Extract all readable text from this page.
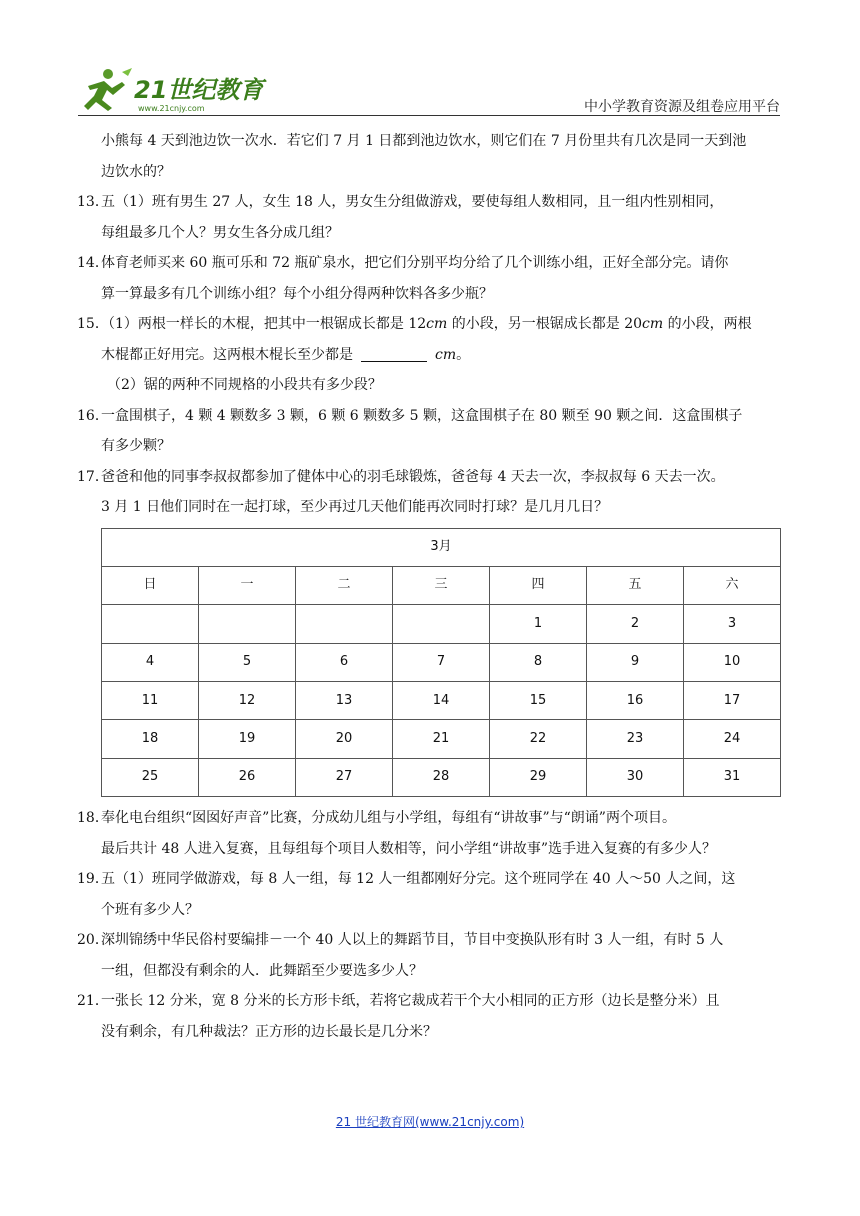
21世纪教育
www.21cnjy.com	中小学教育资源及组卷应用平台

小熊每 4 天到池边饮一次水．若它们 7 月 1 日都到池边饮水，则它们在 7 月份里共有几次是同一天到池

边饮水的？

13．
五（1）班有男生 27 人，女生 18 人，男女生分组做游戏，要使每组人数相同，且一组内性别相同，

每组最多几个人？男女生各分成几组？

14．
体育老师买来 60 瓶可乐和 72 瓶矿泉水，把它们分别平均分给了几个训练小组，正好全部分完。请你

算一算最多有几个训练小组？每个小组分得两种饮料各多少瓶？

15．
（1）两根一样长的木棍，把其中一根锯成长都是 12cm 的小段，另一根锯成长都是 20cm 的小段，两根

木棍都正好用完。这两根木棍长至少都是	cm。

（2）锯的两种不同规格的小段共有多少段？

16．
一盒围棋子，4 颗 4 颗数多 3 颗，6 颗 6 颗数多 5 颗，这盒围棋子在 80 颗至 90 颗之间．这盒围棋子

有多少颗？

17．
爸爸和他的同事李叔叔都参加了健体中心的羽毛球锻炼，爸爸每 4 天去一次，李叔叔每 6 天去一次。

3 月 1 日他们同时在一起打球，至少再过几天他们能再次同时打球？是几月几日？

3月						
日	一	二	三	四	五	六
				1	2	3
4	5	6	7	8	9	10
11	12	13	14	15	16	17
18	19	20	21	22	23	24
25	26	27	28	29	30	31

18．
奉化电台组织“囡囡好声音”比赛，分成幼儿组与小学组，每组有“讲故事”与“朗诵”两个项目。

最后共计 48 人进入复赛，且每组每个项目人数相等，问小学组“讲故事”选手进入复赛的有多少人？

19．
五（1）班同学做游戏，每 8 人一组，每 12 人一组都刚好分完。这个班同学在 40 人～50 人之间，这

个班有多少人？

20．
深圳锦绣中华民俗村要编排－一个 40 人以上的舞蹈节目，节目中变换队形有时 3 人一组，有时 5 人

一组，但都没有剩余的人．此舞蹈至少要选多少人？

21．
一张长 12 分米，宽 8 分米的长方形卡纸，若将它裁成若干个大小相同的正方形（边长是整分米）且

没有剩余，有几种裁法？正方形的边长最长是几分米？

21 世纪教育网(www.21cnjy.com)
